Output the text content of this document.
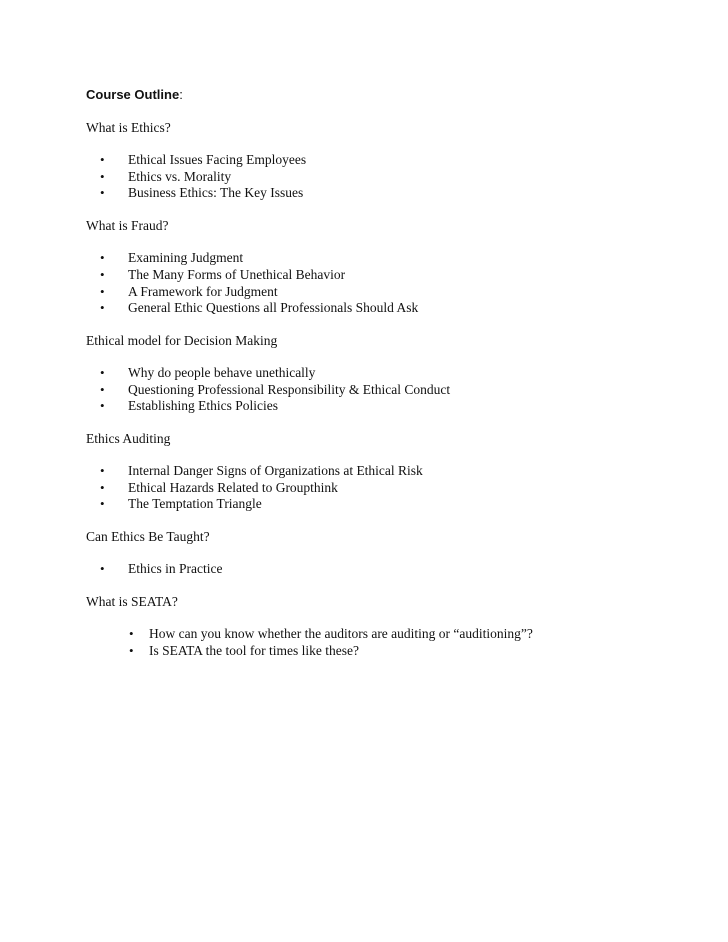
Course Outline:
What is Ethics?
• Ethical Issues Facing Employees
• Ethics vs. Morality
• Business Ethics: The Key Issues
What is Fraud?
• Examining Judgment
• The Many Forms of Unethical Behavior
• A Framework for Judgment
• General Ethic Questions all Professionals Should Ask
Ethical model for Decision Making
• Why do people behave unethically
• Questioning Professional Responsibility & Ethical Conduct
• Establishing Ethics Policies
Ethics Auditing
• Internal Danger Signs of Organizations at Ethical Risk
• Ethical Hazards Related to Groupthink
• The Temptation Triangle
Can Ethics Be Taught?
• Ethics in Practice
What is SEATA?
• How can you know whether the auditors are auditing or “auditioning”?
• Is SEATA the tool for times like these?
